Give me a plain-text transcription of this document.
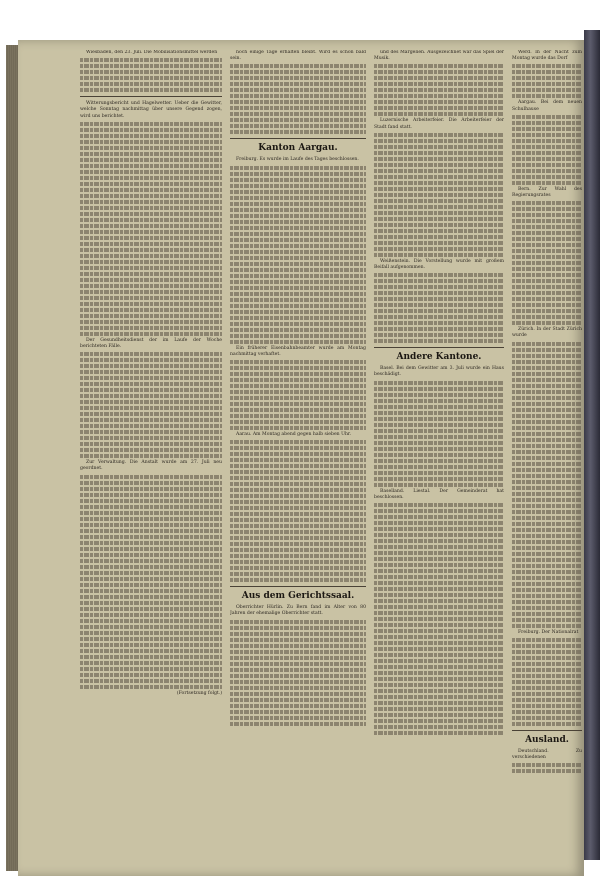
Wiesbaden, den 23. Juli. Die Mobilisationsmittel werden

Witterungsbericht und Hagelwetter. Ueber die Gewitter, welche Sonntag nachmittag über unsere Gegend zogen, wird uns berichtet.

Der Gesundheitsdienst der im Laufe der Woche berichteten Fälle.

Zur Verwaltung. Die Anstalt wurde am 27. Juli neu geordnet.

(Fortsetzung folgt.)

noch einige Tage erhalten bleibt. Wird es schon bald sein.

Kanton Aargau.

Freiburg. Es wurde im Laufe des Tages beschlossen.

Ein früherer Eisenbahnbeamter wurde am Montag nachmittag verhaftet.

Aarau. Am Montag abend gegen halb sieben Uhr.

Aus dem Gerichtssaal.

Oberrichter Hürlin. Zu Bern fand im Alter von 80 Jahren der ehemalige Oberrichter statt.

und des Margelien. Ausgezeichnet war das Spiel der Musik.

Luzernische Arbeiterfeier. Die Arbeiterfeier der Stadt fand statt.

Weißenstein. Die Vorstellung wurde mit großem Beifall aufgenommen.

Andere Kantone.

Basel. Bei dem Gewitter am 3. Juli wurde ein Haus beschädigt.

Baselland. Liestal. Der Gemeinderat hat beschlossen.

Werd. In der Nacht zum Montag wurde das Dorf

Aargau. Bei dem neuen Schulhause

Bern. Zur Wahl des Regierungsrates

Zürich. In der Stadt Zürich wurde

Freiburg. Der Nationalrat

Ausland.

Deutschland. Zu verschiedenen
